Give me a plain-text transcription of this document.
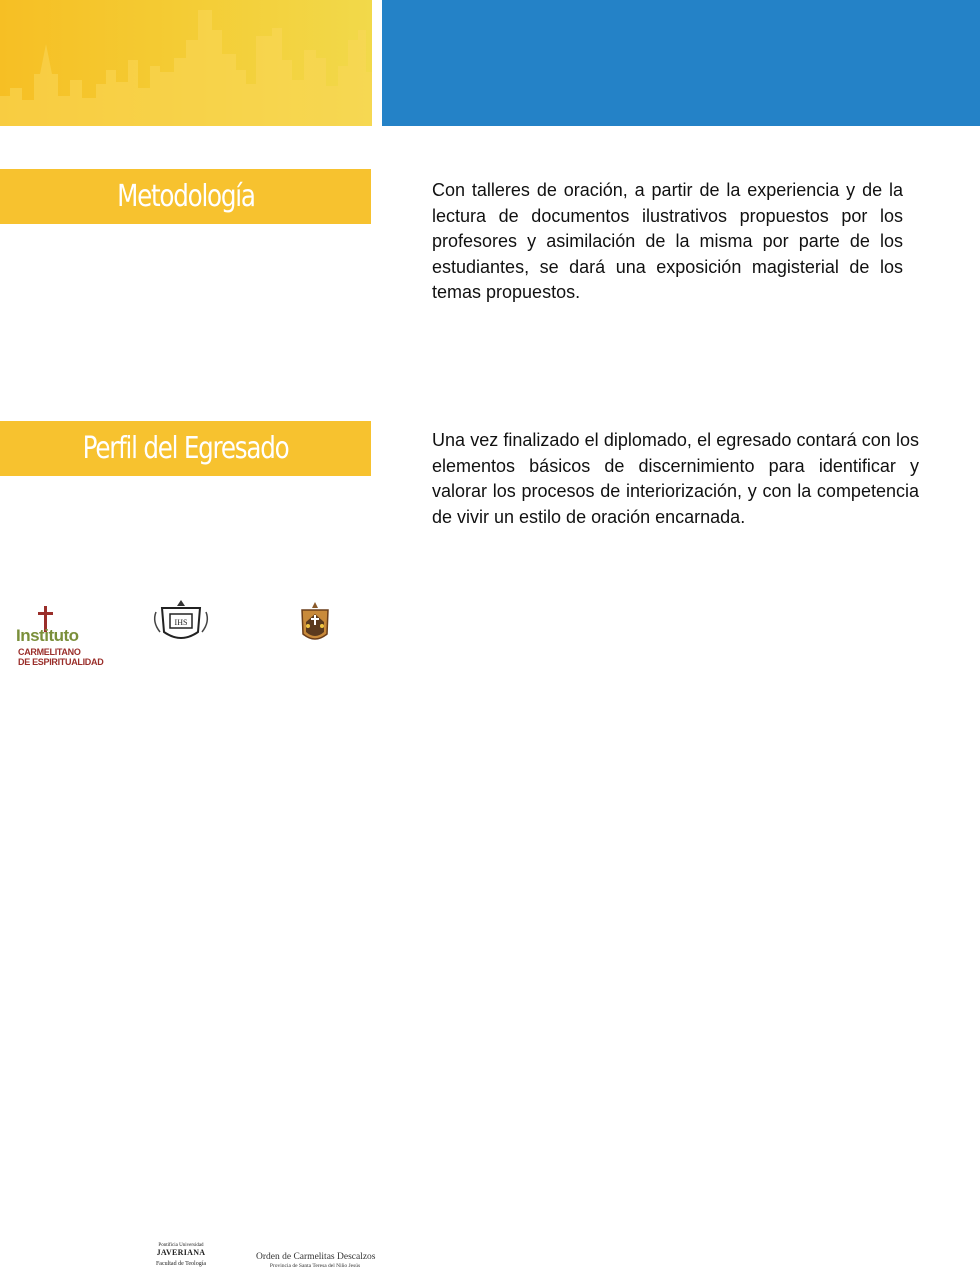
Metodología	Con talleres de oración, a partir de la experiencia y de la lectura de documentos ilustrativos propuestos por los profesores y asimilación de la misma por parte de los estudiantes, se dará una exposición magisterial de los temas propuestos.

Perfil del Egresado	Una vez finalizado el diplomado, el egresado contará con los elementos básicos de discernimiento para identificar y valorar los procesos de interiorización, y con la competencia de vivir un estilo de oración encarnada.

Instituto
CARMELITANO
DE ESPIRITUALIDAD
IHS
Pontificia Universidad
JAVERIANA
Facultad de Teología
Orden de Carmelitas Descalzos
Provincia de Santa Teresa del Niño Jesús
